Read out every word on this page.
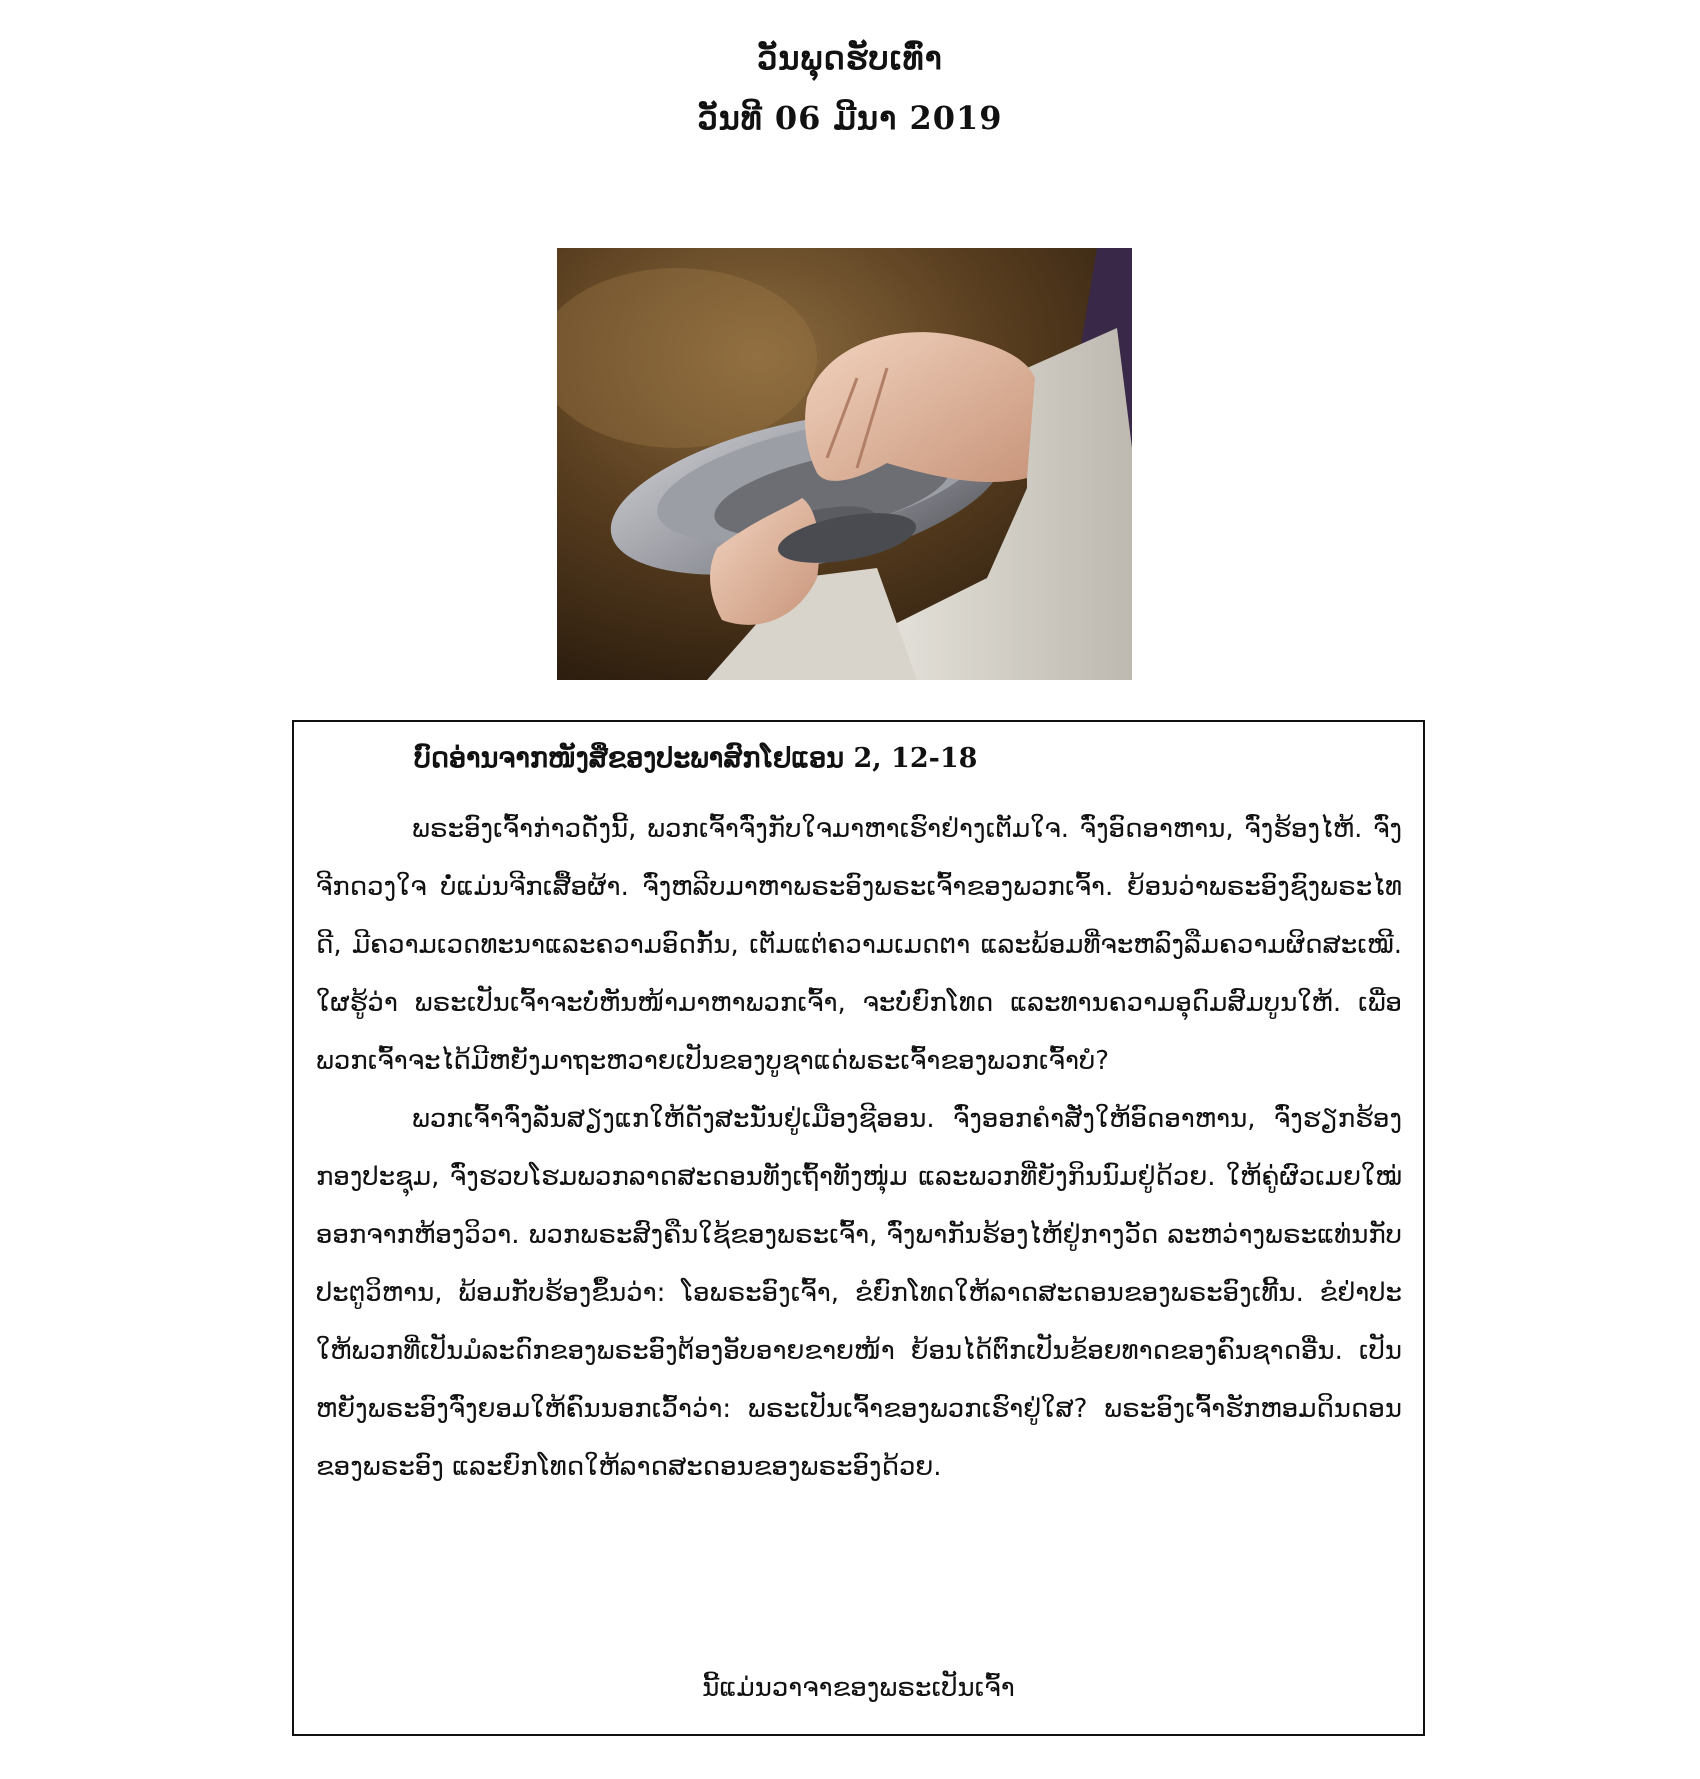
ວັນພຸດຮັບເທົ່າ
ວັນທີ 06 ມີນາ 2019
ບົດອ່ານຈາກໜັງສືຂອງປະພາສົກໂຢແອນ 2, 12-18

ພຣະອົງເຈົ້າກ່າວດັ່ງນີ້, ພວກເຈົ້າຈົ່ງກັບໃຈມາຫາເຮົາຢ່າງເຕັມໃຈ. ຈົ່ງອົດອາຫານ, ຈົ່ງຮ້ອງໄຫ້. ຈົ່ງຈີກດວງໃຈ ບໍ່ແມ່ນຈີກເສື້ອຜ້າ. ຈົ່ງຫລີບມາຫາພຣະອົງພຣະເຈົ້າຂອງພວກເຈົ້າ. ຍ້ອນວ່າພຣະອົງຊົງພຣະໄທດີ, ມີຄວາມເວດທະນາແລະຄວາມອົດກັ້ນ, ເຕັມແຕ່ຄວາມເມດຕາ ແລະພ້ອມທີ່ຈະຫລົງລືມຄວາມຜິດສະເໝີ. ໃຜຮູ້ວ່າ ພຣະເປັນເຈົ້າຈະບໍ່ຫັນໜ້າມາຫາພວກເຈົ້າ, ຈະບໍ່ຍົກໂທດ ແລະທານຄວາມອຸດົມສົມບູນໃຫ້. ເພື່ອພວກເຈົ້າຈະໄດ້ມີຫຍັງມາຖະຫວາຍເປັນຂອງບູຊາແດ່ພຣະເຈົ້າຂອງພວກເຈົ້າບໍ?

ພວກເຈົ້າຈົ່ງລັ່ນສຽງແກໃຫ້ດັງສະນັ່ນຢູ່ເມືອງຊີອອນ. ຈົ່ງອອກຄໍາສັ່ງໃຫ້ອົດອາຫານ, ຈົ່ງຮຽກຮ້ອງກອງປະຊຸມ, ຈົ່ງຮວບໂຮມພວກລາດສະດອນທັງເຖົ້າທັງໜຸ່ມ ແລະພວກທີ່ຍັງກິນນົມຢູ່ດ້ວຍ. ໃຫ້ຄູ່ຜົວເມຍໃໝ່ອອກຈາກຫ້ອງວິວາ. ພວກພຣະສົງຄືນໃຊ້ຂອງພຣະເຈົ້າ, ຈົ່ງພາກັນຮ້ອງໄຫ້ຢູ່ກາງວັດ ລະຫວ່າງພຣະແທ່ນກັບປະຕູວິຫານ, ພ້ອມກັບຮ້ອງຂຶ້ນວ່າ: ໂອພຣະອົງເຈົ້າ, ຂໍຍົກໂທດໃຫ້ລາດສະດອນຂອງພຣະອົງເທີ້ນ. ຂໍຢ່າປະໃຫ້ພວກທີ່ເປັນມໍລະດົກຂອງພຣະອົງຕ້ອງອັບອາຍຂາຍໜ້າ ຍ້ອນໄດ້ຕົກເປັນຂ້ອຍທາດຂອງຄົນຊາດອື່ນ. ເປັນຫຍັງພຣະອົງຈົ່ງຍອມໃຫ້ຄົນນອກເວົ້າວ່າ: ພຣະເປັນເຈົ້າຂອງພວກເຮົາຢູ່ໃສ? ພຣະອົງເຈົ້າຮັກຫອມດິນດອນຂອງພຣະອົງ ແລະຍົກໂທດໃຫ້ລາດສະດອນຂອງພຣະອົງດ້ວຍ.

ນີ້ແມ່ນວາຈາຂອງພຣະເປັນເຈົ້າ
